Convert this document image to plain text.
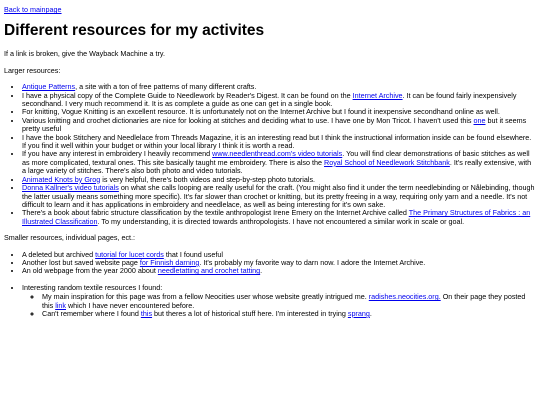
Back to mainpage
Different resources for my activites

If a link is broken, give the Wayback Machine a try.

Larger resources:

• Antique Patterns, a site with a ton of free patterns of many different crafts.
• I have a physical copy of the Complete Guide to Needlework by Reader's Digest. It can be found on the Internet Archive. It can be found fairly inexpensively secondhand. I very much recommend it. It is as complete a guide as one can get in a single book.
• For knitting, Vogue Knitting is an excellent resource. It is unfortunately not on the Internet Archive but I found it inexpensive secondhand online as well.
• Various knitting and crochet dictionaries are nice for looking at stitches and deciding what to use. I have one by Mon Tricot. I haven't used this one but it seems pretty useful
• I have the book Stitchery and Needlelace from Threads Magazine, it is an interesting read but I think the instructional information inside can be found elsewhere. If you find it well within your budget or within your local library I think it is worth a read.
• If you have any interest in embroidery I heavily recommend www.needlenthread.com's video tutorials. You will find clear demonstrations of basic stitches as well as more complicated, textural ones. This site basically taught me embroidery. There is also the Royal School of Needlework Stitchbank. It's really extensive, with a large variety of stitches. There's also both photo and video tutorials.
• Animated Knots by Grog is very helpful, there's both videos and step-by-step photo tutorials.
• Donna Kallner's video tutorials on what she calls looping are really useful for the craft. (You might also find it under the term needlebinding or Nålebinding, though the latter usually means something more specific). It's far slower than crochet or knitting, but its pretty freeing in a way, requiring only yarn and a needle. It's not difficult to learn and it has applications in embroidery and needlelace, as well as being interesting for it's own sake.
• There's a book about fabric structure classification by the textile anthropologist Irene Emery on the Internet Archive called The Primary Structures of Fabrics : an Illustrated Classification. To my understanding, it is directed towards anthropologists. I have not encountered a similar work in scale or goal.

Smaller resources, individual pages, ect.:

• A deleted but archived tutorial for lucet cords that I found useful
• Another lost but saved website page for Finnish darning. It's probably my favorite way to darn now. I adore the Internet Archive.
• An old webpage from the year 2000 about needletatting and crochet tatting.
• Interesting random textile resources I found:
◦ My main inspiration for this page was from a fellow Neocities user whose website greatly intrigued me. radishes.neocities.org. On their page they posted this link which I have never encountered before.
◦ Can't remember where I found this but theres a lot of historical stuff here. I'm interested in trying sprang.
